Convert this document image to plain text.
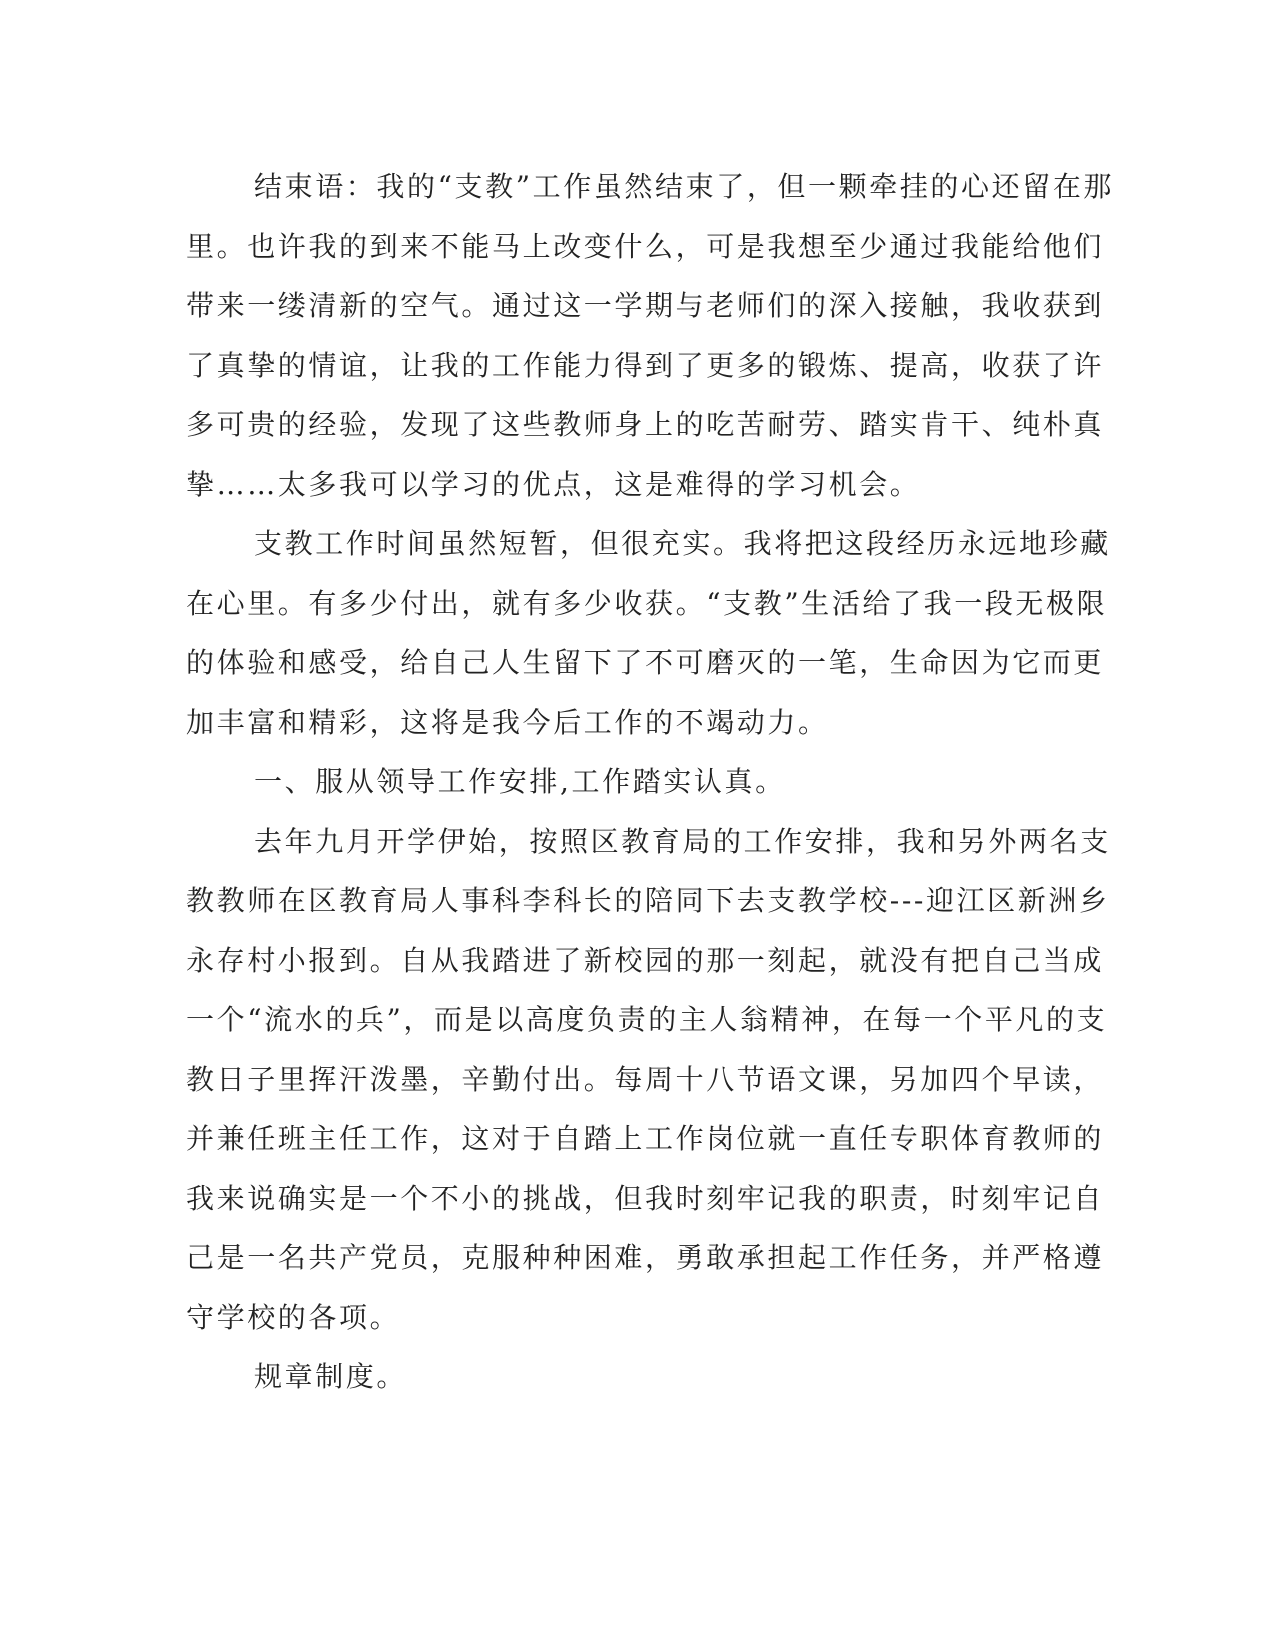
结束语：我的“支教”工作虽然结束了，但一颗牵挂的心还留在那
里。也许我的到来不能马上改变什么，可是我想至少通过我能给他们
带来一缕清新的空气。通过这一学期与老师们的深入接触，我收获到
了真挚的情谊，让我的工作能力得到了更多的锻炼、提高，收获了许
多可贵的经验，发现了这些教师身上的吃苦耐劳、踏实肯干、纯朴真
挚……太多我可以学习的优点，这是难得的学习机会。

支教工作时间虽然短暂，但很充实。我将把这段经历永远地珍藏
在心里。有多少付出，就有多少收获。“支教”生活给了我一段无极限
的体验和感受，给自己人生留下了不可磨灭的一笔，生命因为它而更
加丰富和精彩，这将是我今后工作的不竭动力。

一、服从领导工作安排,工作踏实认真。

去年九月开学伊始，按照区教育局的工作安排，我和另外两名支
教教师在区教育局人事科李科长的陪同下去支教学校---迎江区新洲乡
永存村小报到。自从我踏进了新校园的那一刻起，就没有把自己当成
一个“流水的兵”，而是以高度负责的主人翁精神，在每一个平凡的支
教日子里挥汗泼墨，辛勤付出。每周十八节语文课，另加四个早读，
并兼任班主任工作，这对于自踏上工作岗位就一直任专职体育教师的
我来说确实是一个不小的挑战，但我时刻牢记我的职责，时刻牢记自
己是一名共产党员，克服种种困难，勇敢承担起工作任务，并严格遵
守学校的各项。

规章制度。
